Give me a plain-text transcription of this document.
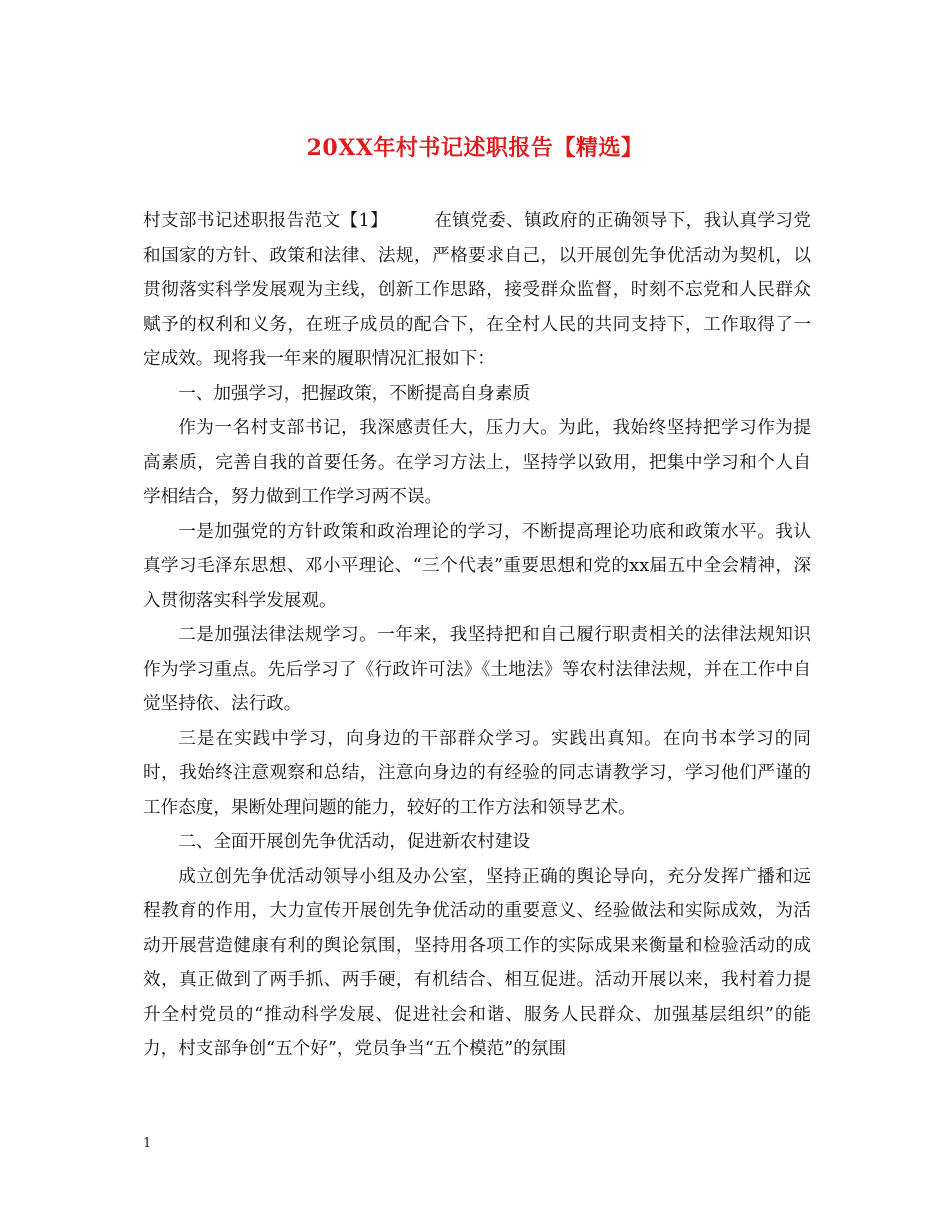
20XX年村书记述职报告【精选】

村支部书记述职报告范文【1】	在镇党委、镇政府的正确领导下，我认真学习党和国家的方针、政策和法律、法规，严格要求自己，以开展创先争优活动为契机，以贯彻落实科学发展观为主线，创新工作思路，接受群众监督，时刻不忘党和人民群众赋予的权利和义务，在班子成员的配合下，在全村人民的共同支持下，工作取得了一定成效。现将我一年来的履职情况汇报如下：

一、加强学习，把握政策，不断提高自身素质

作为一名村支部书记，我深感责任大，压力大。为此，我始终坚持把学习作为提高素质，完善自我的首要任务。在学习方法上，坚持学以致用，把集中学习和个人自学相结合，努力做到工作学习两不误。

一是加强党的方针政策和政治理论的学习，不断提高理论功底和政策水平。我认真学习毛泽东思想、邓小平理论、“三个代表”重要思想和党的xx届五中全会精神，深入贯彻落实科学发展观。

二是加强法律法规学习。一年来，我坚持把和自己履行职责相关的法律法规知识作为学习重点。先后学习了《行政许可法》《土地法》等农村法律法规，并在工作中自觉坚持依、法行政。

三是在实践中学习，向身边的干部群众学习。实践出真知。在向书本学习的同时，我始终注意观察和总结，注意向身边的有经验的同志请教学习，学习他们严谨的工作态度，果断处理问题的能力，较好的工作方法和领导艺术。

二、全面开展创先争优活动，促进新农村建设

成立创先争优活动领导小组及办公室，坚持正确的舆论导向，充分发挥广播和远程教育的作用，大力宣传开展创先争优活动的重要意义、经验做法和实际成效，为活动开展营造健康有利的舆论氛围，坚持用各项工作的实际成果来衡量和检验活动的成效，真正做到了两手抓、两手硬，有机结合、相互促进。活动开展以来，我村着力提升全村党员的“推动科学发展、促进社会和谐、服务人民群众、加强基层组织”的能力，村支部争创“五个好”，党员争当“五个模范”的氛围

1
